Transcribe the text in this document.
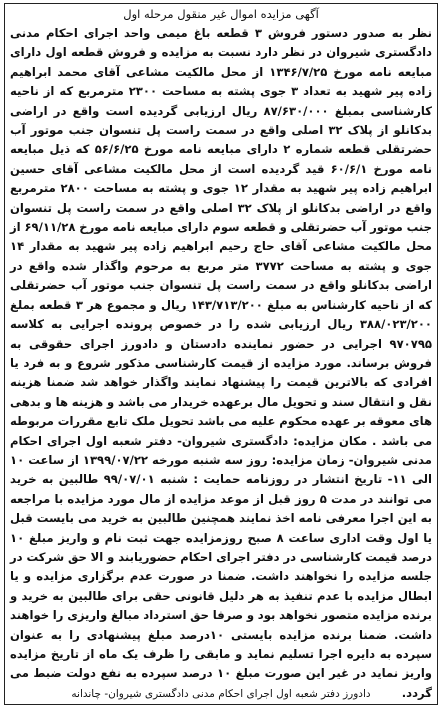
آگهی مزایده اموال غیر منقول مرحله اول

نظر به صدور دستور فروش ۳ قطعه باغ میمی واحد اجرای احکام مدنی دادگستری شیروان در نظر دارد نسبت به مزایده و فروش قطعه اول دارای مبایعه نامه مورخ ۱۳۴۶/۷/۲۵ از محل مالکیت مشاعی آقای محمد ابراهیم زاده پیر شهید به تعداد ۳ جوی پشته به مساحت ۲۳۰۰ مترمربع که از ناحیه کارشناسی بمبلغ ۸۷/۶۳۰/۰۰۰ ریال ارزیابی گردیده است واقع در اراضی بدکانلو از پلاک ۳۲ اصلی واقع در سمت راست پل تنسوان جنب موتور آب حضرتقلی قطعه شماره ۲ دارای مبایعه نامه مورخ ۵۶/۶/۲۵ که ذیل مبایعه نامه مورخ ۶۰/۶/۱ قید گردیده است از محل مالکیت مشاعی آقای حسین ابراهیم زاده پیر شهید به مقدار ۱۲ جوی و پشته به مساحت ۲۸۰۰ مترمربع واقع در اراضی بدکانلو از پلاک ۳۲ اصلی واقع در سمت راست پل تنسوان جنب موتور آب حضرتقلی و قطعه سوم دارای مبایعه نامه مورخ ۶۹/۱۱/۲۸ از محل مالکیت مشاعی آقای حاج رحیم ابراهیم زاده پیر شهید به مقدار ۱۴ جوی و پشته به مساحت ۳۷۷۲ متر مربع به مرحوم واگذار شده واقع در اراضی بدکانلو واقع در سمت راست پل تنسوان جنب موتور آب حضرتقلی که از ناحیه کارشناس به مبلغ ۱۴۳/۷۱۳/۲۰۰ ریال و مجموع هر ۳ قطعه بملغ ۳۸۸/۰۲۳/۲۰۰ ریال ارزیابی شده را در خصوص پرونده اجرایی به کلاسه ۹۷۰۷۹۵ اجرایی در حضور نماینده دادستان و دادورز اجرای حقوقی به فروش برساند. مورد مزایده از قیمت کارشناسی مذکور شروع و به فرد یا افرادی که بالاترین قیمت را پیشنهاد نمایند واگذار خواهد شد ضمنا هزینه نقل و انتقال سند و تحویل مال برعهده خریدار می باشد و هزینه ها و بدهی های معوقه بر عهده محکوم علیه می باشد تحویل ملک تابع مقررات مربوطه می باشد . مکان مزایده: دادگستری شیروان- دفتر شعبه اول اجرای احکام مدنی شیروان- زمان مزایده: روز سه شنبه مورخه ۱۳۹۹/۰۷/۲۲ از ساعت ۱۰ الی ۱۱- تاریخ انتشار در روزنامه حمایت : شنبه ۹۹/۰۷/۰۱ طالبین به خرید می توانند در مدت ۵ روز قبل از موعد مزایده از مال مورد مزایده با مراجعه به این اجرا معرفی نامه اخذ نمایند همچنین طالبین به خرید می بایست قبل یا اول وقت اداری ساعت ۸ صبح روزمزایده جهت ثبت نام و واریز مبلغ ۱۰ درصد قیمت کارشناسی در دفتر اجرای احکام حضوریابند و الا حق شرکت در جلسه مزایده را نخواهند داشت. ضمنا در صورت عدم برگزاری مزایده و یا ابطال مزایده با عدم تنفیذ به هر دلیل قانونی حقی برای طالبین به خرید و برنده مزایده متصور نخواهد بود و صرفا حق استرداد مبالغ واریزی را خواهند داشت. ضمنا برنده مزایده بایستی ۱۰درصد مبلغ پیشنهادی را به عنوان سپرده به دایره اجرا تسلیم نماید و مابقی را ظرف یک ماه از تاریخ مزایده واریز نماید در غیر این صورت مبلغ ۱۰ درصد سپرده به نفع دولت ضبط می گردد.

دادورز دفتر شعبه اول اجرای احکام مدنی دادگستری شیروان- چاندانه
